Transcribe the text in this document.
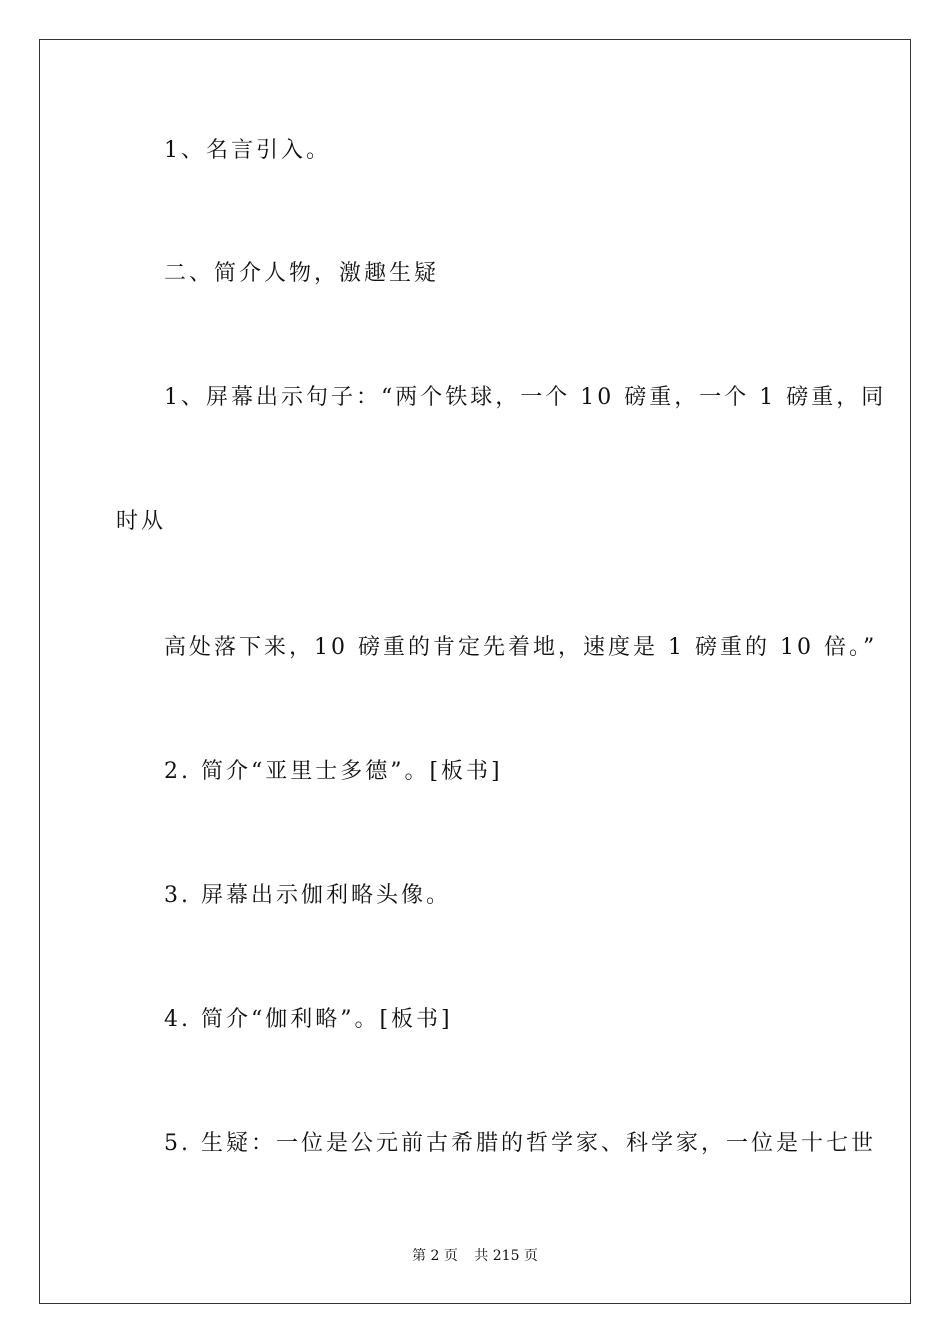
1、名言引入。
二、简介人物，激趣生疑
1、屏幕出示句子：“两个铁球，一个 10 磅重，一个 1 磅重，同
时从
高处落下来，10 磅重的肯定先着地，速度是 1 磅重的 10 倍。”
2. 简介“亚里士多德”。[板书]
3. 屏幕出示伽利略头像。
4. 简介“伽利略”。[板书]
5. 生疑：一位是公元前古希腊的哲学家、科学家，一位是十七世
第 2 页 共 215 页
